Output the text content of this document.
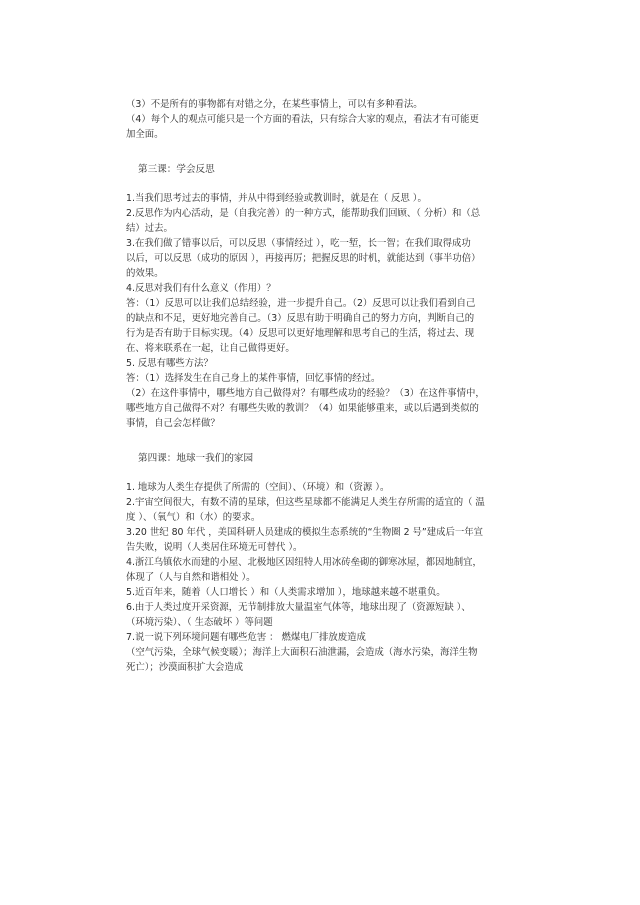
（3）不是所有的事物都有对错之分，在某些事情上，可以有多种看法。
（4）每个人的观点可能只是一个方面的看法，只有综合大家的观点，看法才有可能更
加全面。
第三课：学会反思
1.当我们思考过去的事情，并从中得到经验或教训时，就是在（ 反思 ）。
2.反思作为内心活动，是（自我完善）的一种方式，能帮助我们回顾、（ 分析）和（总
结）过去。
3.在我们做了错事以后，可以反思（事情经过 ），吃一堑，长一智；在我们取得成功
以后，可以反思（成功的原因 ），再接再厉；把握反思的时机，就能达到（事半功倍）
的效果。
4.反思对我们有什么意义（作用）？
答：（1）反思可以让我们总结经验，进一步提升自己。（2）反思可以让我们看到自己
的缺点和不足，更好地完善自己。（3）反思有助于明确自己的努力方向，判断自己的
行为是否有助于目标实现。（4）反思可以更好地理解和思考自己的生活，将过去、现
在、将来联系在一起，让自己做得更好。
5. 反思有哪些方法？
答：（1）选择发生在自己身上的某件事情，回忆事情的经过。
（2）在这件事情中，哪些地方自己做得对？有哪些成功的经验？（3）在这件事情中，
哪些地方自己做得不对？有哪些失败的教训？（4）如果能够重来，或以后遇到类似的
事情，自己会怎样做？
第四课：地球一我们的家园
1. 地球为人类生存提供了所需的（空间）、（环境）和（资源 ）。
2.宇宙空间很大，有数不清的星球，但这些星球都不能满足人类生存所需的适宜的（ 温
度 ）、（氧气）和（水）的要求。
3.20 世纪 80 年代 ，美国科研人员建成的模拟生态系统的“生物圈 2 号”建成后一年宣
告失败，说明（人类居住环境无可替代 ）。
4.浙江乌镇依水而建的小屋、北极地区因纽特人用冰砖垒砌的御寒冰屋，都因地制宜，
体现了（人与自然和谐相处 ）。
5.近百年来，随着（人口增长 ）和（人类需求增加 ），地球越来越不堪重负。
6.由于人类过度开采资源，无节制排放大量温室气体等，地球出现了（资源短缺 ）、
（环境污染）、（ 生态破坏 ）等问题
7.说一说下列环境问题有哪些危害 ： 燃煤电厂排放废造成
（空气污染，全球气候变暖）；海洋上大面积石油泄漏，会造成（海水污染，海洋生物
死亡）；沙漠面积扩大会造成
